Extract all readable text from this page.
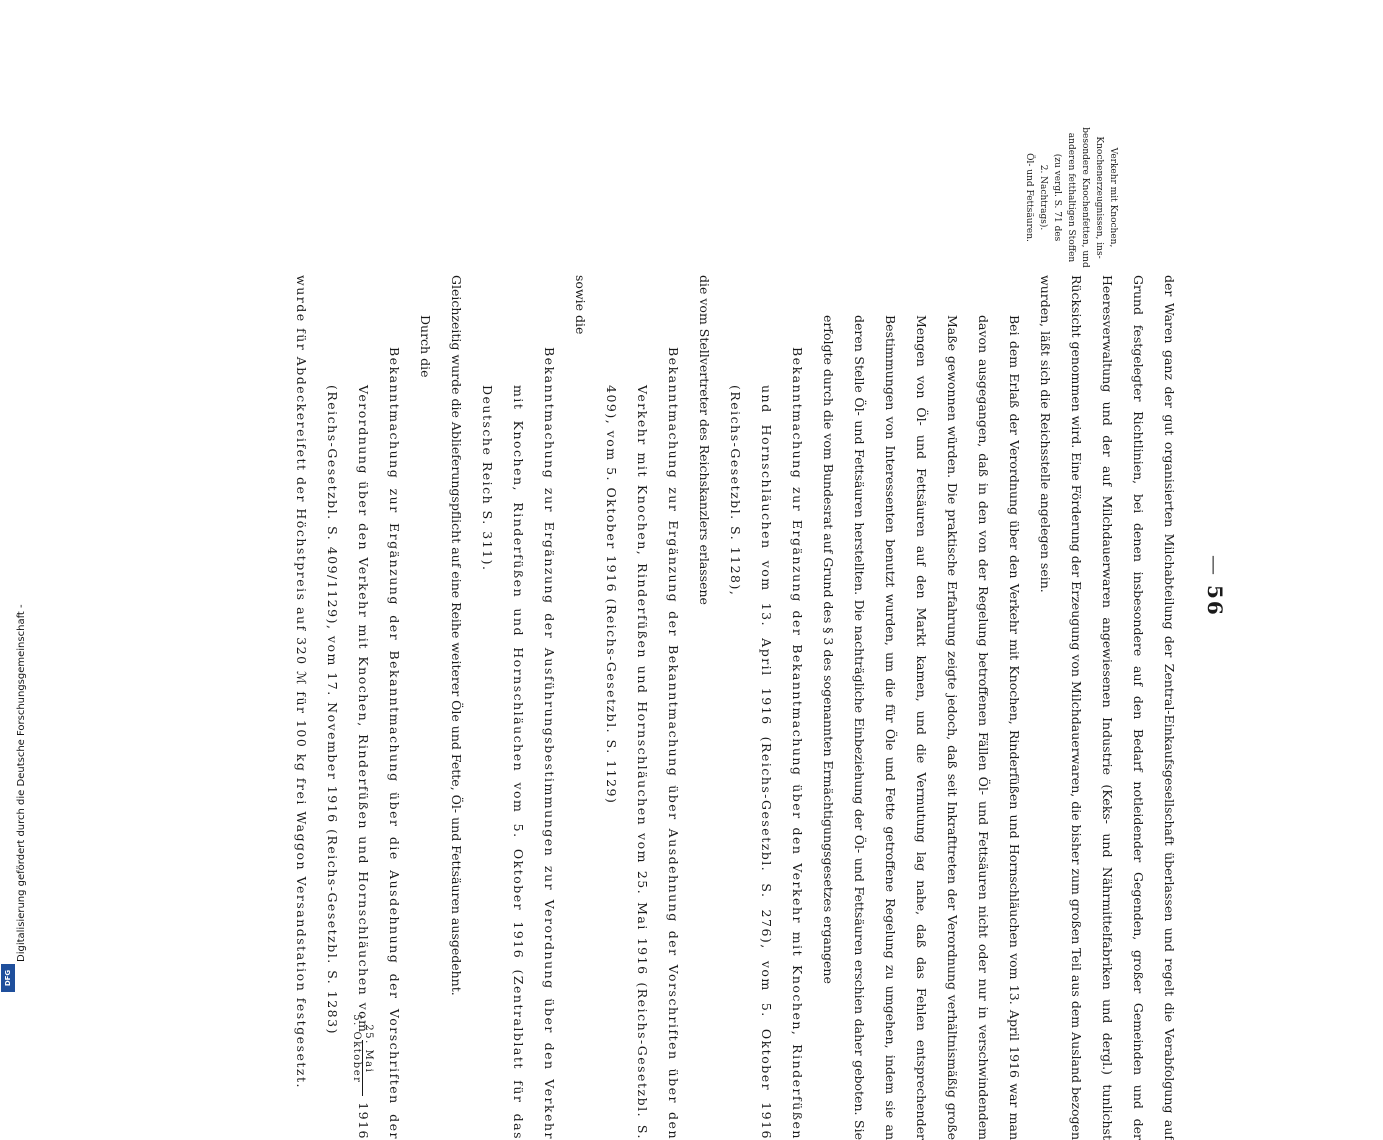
—56
Verkehr mit Knochen,
Knochenerzeugnissen, ins-
besondere Knochenfetten, und
anderen fetthaltigen Stoffen
(zu vergl. S. 71 des
2. Nachtrags).
Öl- und Fettsäuren.
der Waren ganz der gut organisierten Milchabteilung der Zentral-Einkaufsgesellschaft überlassen und regelt die Verabfolgung auf Grund festgelegter Richtlinien, bei denen insbesondere auf den Bedarf notleidender Gegenden, großer Gemeinden und der Heeresverwaltung und der auf Milchdauerwaren angewiesenen Industrie (Keks- und Nährmittelfabriken und dergl.) tunlichst Rücksicht genommen wird. Eine Förderung der Erzeugung von Milchdauerwaren, die bisher zum großen Teil aus dem Ausland bezogen wurden, läßt sich die Reichsstelle angelegen sein.
Bei dem Erlaß der Verordnung über den Verkehr mit Knochen, Rinderfüßen und Hornschläuchen vom 13. April 1916 war man davon ausgegangen, daß in den von der Regelung betroffenen Fällen Öl- und Fettsäuren nicht oder nur in verschwindendem Maße gewonnen würden. Die praktische Erfahrung zeigte jedoch, daß seit Inkrafttreten der Verordnung verhältnismäßig große Mengen von Öl- und Fettsäuren auf den Markt kamen, und die Vermutung lag nahe, daß das Fehlen entsprechender Bestimmungen von Interessenten benutzt wurden, um die für Öle und Fette getroffene Regelung zu umgehen, indem sie an deren Stelle Öl- und Fettsäuren herstellten. Die nachträgliche Einbeziehung der Öl- und Fettsäuren erschien daher geboten. Sie erfolgte durch die vom Bundesrat auf Grund des § 3 des sogenannten Ermächtigungsgesetzes ergangene
Bekanntmachung zur Ergänzung der Bekanntmachung über den Verkehr mit Knochen, Rinderfüßen und Hornschläuchen vom 13. April 1916 (Reichs-Gesetzbl. S. 276), vom 5. Oktober 1916 (Reichs-Gesetzbl. S. 1128),
die vom Stellvertreter des Reichskanzlers erlassene
Bekanntmachung zur Ergänzung der Bekanntmachung über Ausdehnung der Vorschriften über den Verkehr mit Knochen, Rinderfüßen und Hornschläuchen vom 25. Mai 1916 (Reichs-Gesetzbl. S. 409), vom 5. Oktober 1916 (Reichs-Gesetzbl. S. 1129)
sowie die
Bekanntmachung zur Ergänzung der Ausführungsbestimmungen zur Verordnung über den Verkehr mit Knochen, Rinderfüßen und Hornschläuchen vom 5. Oktober 1916 (Zentralblatt für das Deutsche Reich S. 311).
Gleichzeitig wurde die Ablieferungspflicht auf eine Reihe weiterer Öle und Fette, Öl- und Fettsäuren ausgedehnt.
Durch die
Bekanntmachung zur Ergänzung der Bekanntmachung über die Ausdehnung der Vorschriften der Verordnung über den Verkehr mit Knochen, Rinderfüßen und Hornschläuchen vom
25. Mai
5. Oktober
1916 (Reichs-Gesetzbl. S. 409/1129), vom 17. November 1916 (Reichs-Gesetzbl. S. 1283)
wurde für Abdeckereifett der Höchstpreis auf 320 ℳ für 100 kg frei Waggon Versandstation festgesetzt.
Digitalisierung gefördert durch die Deutsche Forschungsgemeinschaft -
DFG
